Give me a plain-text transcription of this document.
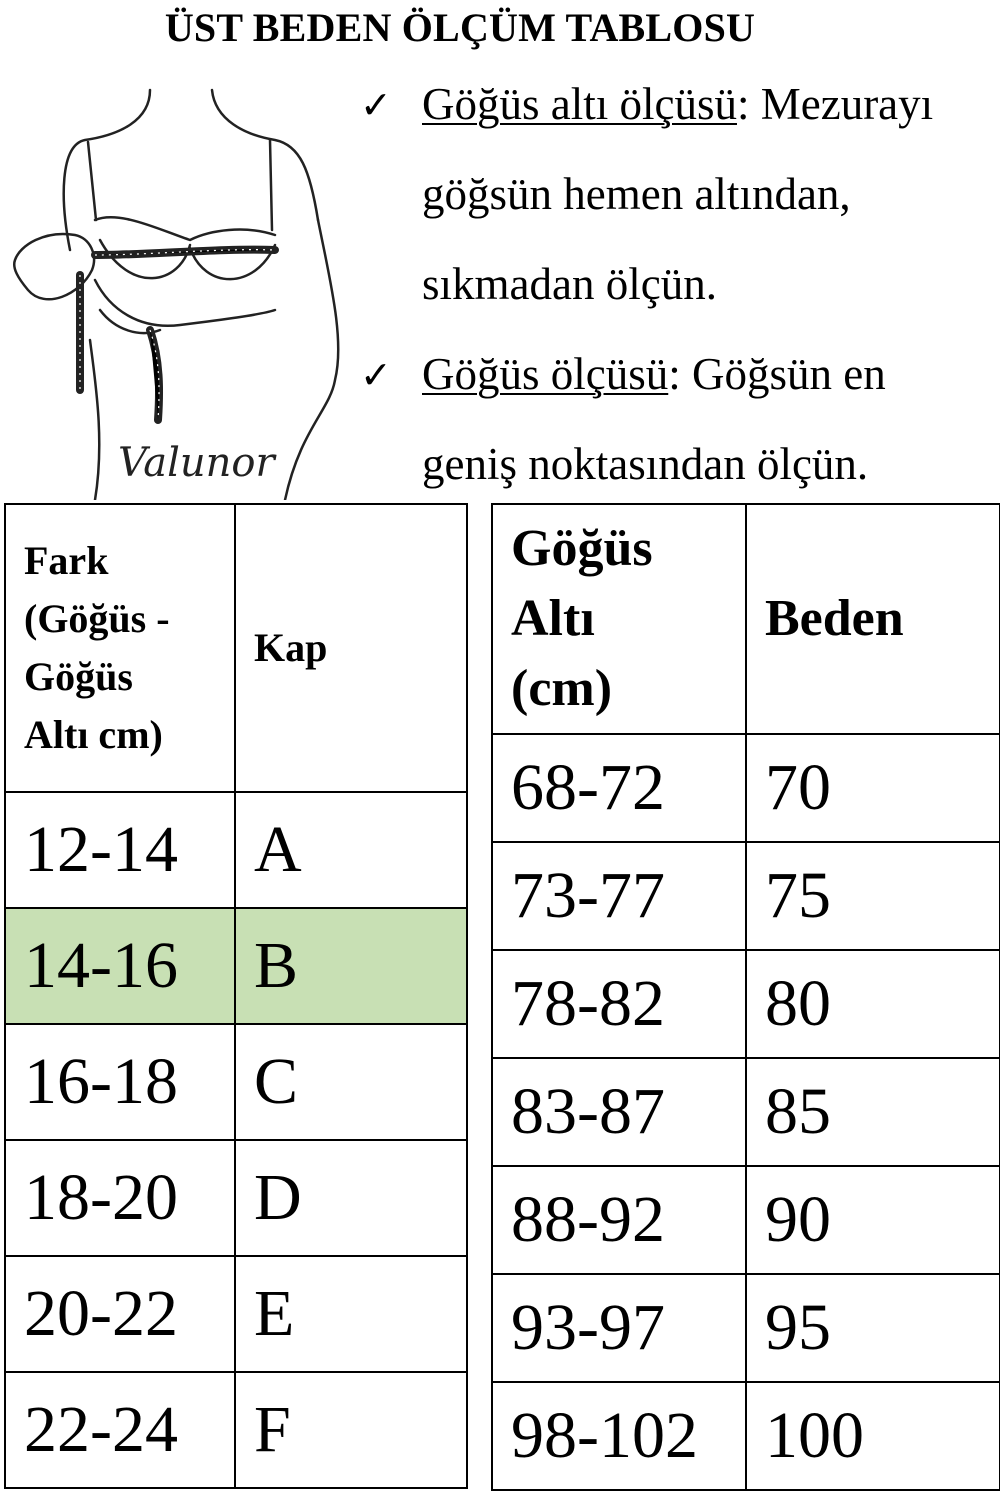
ÜST BEDEN ÖLÇÜM TABLOSU
Valunor
✓ Göğüs altı ölçüsü: Mezurayı
göğsün hemen altından,
sıkmadan ölçün.
✓ Göğüs ölçüsü: Göğsün en
geniş noktasından ölçün.
Fark
(Göğüs -
Göğüs
Altı cm)	Kap
12-14	A
14-16	B
16-18	C
18-20	D
20-22	E
22-24	F
Göğüs
Altı
(cm)	Beden
68-72	70
73-77	75
78-82	80
83-87	85
88-92	90
93-97	95
98-102	100
